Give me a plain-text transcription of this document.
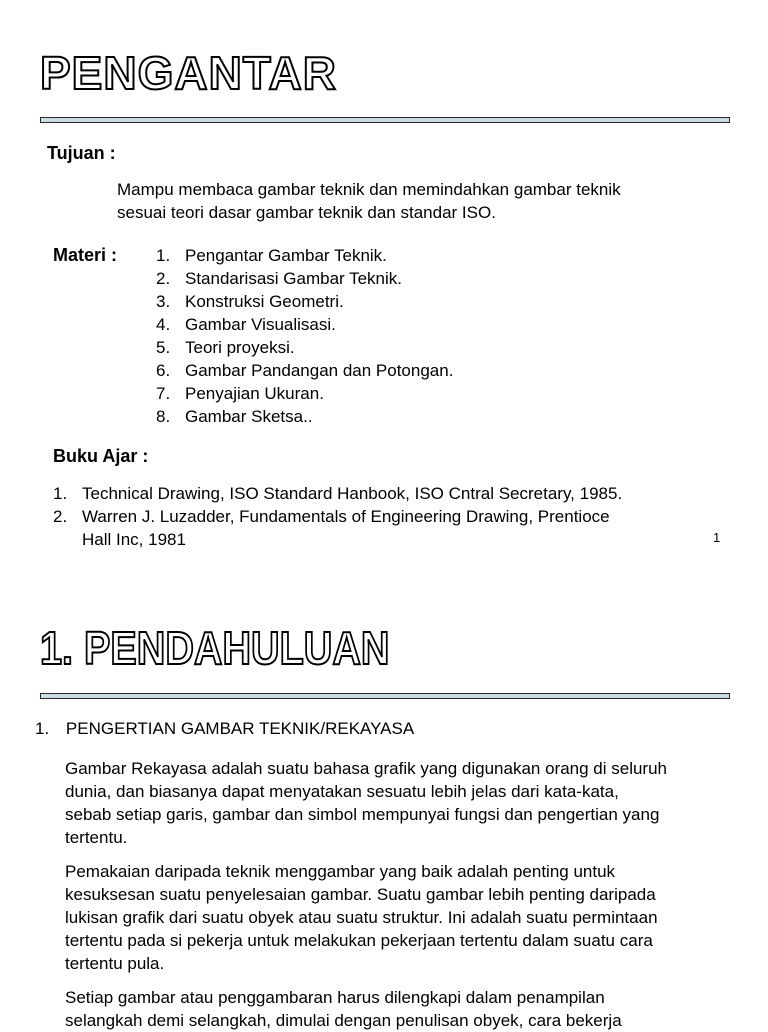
PENGANTAR
Tujuan :
Mampu membaca gambar teknik dan memindahkan gambar teknik
sesuai teori dasar gambar teknik dan standar ISO.
Materi : 1. Pengantar Gambar Teknik.
2. Standarisasi Gambar Teknik.
3. Konstruksi Geometri.
4. Gambar Visualisasi.
5. Teori proyeksi.
6. Gambar Pandangan dan Potongan.
7. Penyajian Ukuran.
8. Gambar Sketsa..
Buku Ajar :
1. Technical Drawing, ISO Standard Hanbook, ISO Cntral Secretary, 1985.
2. Warren J. Luzadder, Fundamentals of Engineering Drawing, Prentioce
Hall Inc, 1981	1
1. PENDAHULUAN
1. PENGERTIAN GAMBAR TEKNIK/REKAYASA
Gambar Rekayasa adalah suatu bahasa grafik yang digunakan orang di seluruh
dunia, dan biasanya dapat menyatakan sesuatu lebih jelas dari kata-kata,
sebab setiap garis, gambar dan simbol mempunyai fungsi dan pengertian yang
tertentu.
Pemakaian daripada teknik menggambar yang baik adalah penting untuk
kesuksesan suatu penyelesaian gambar. Suatu gambar lebih penting daripada
lukisan grafik dari suatu obyek atau suatu struktur. Ini adalah suatu permintaan
tertentu pada si pekerja untuk melakukan pekerjaan tertentu dalam suatu cara
tertentu pula.
Setiap gambar atau penggambaran harus dilengkapi dalam penampilan
selangkah demi selangkah, dimulai dengan penulisan obyek, cara bekerja
